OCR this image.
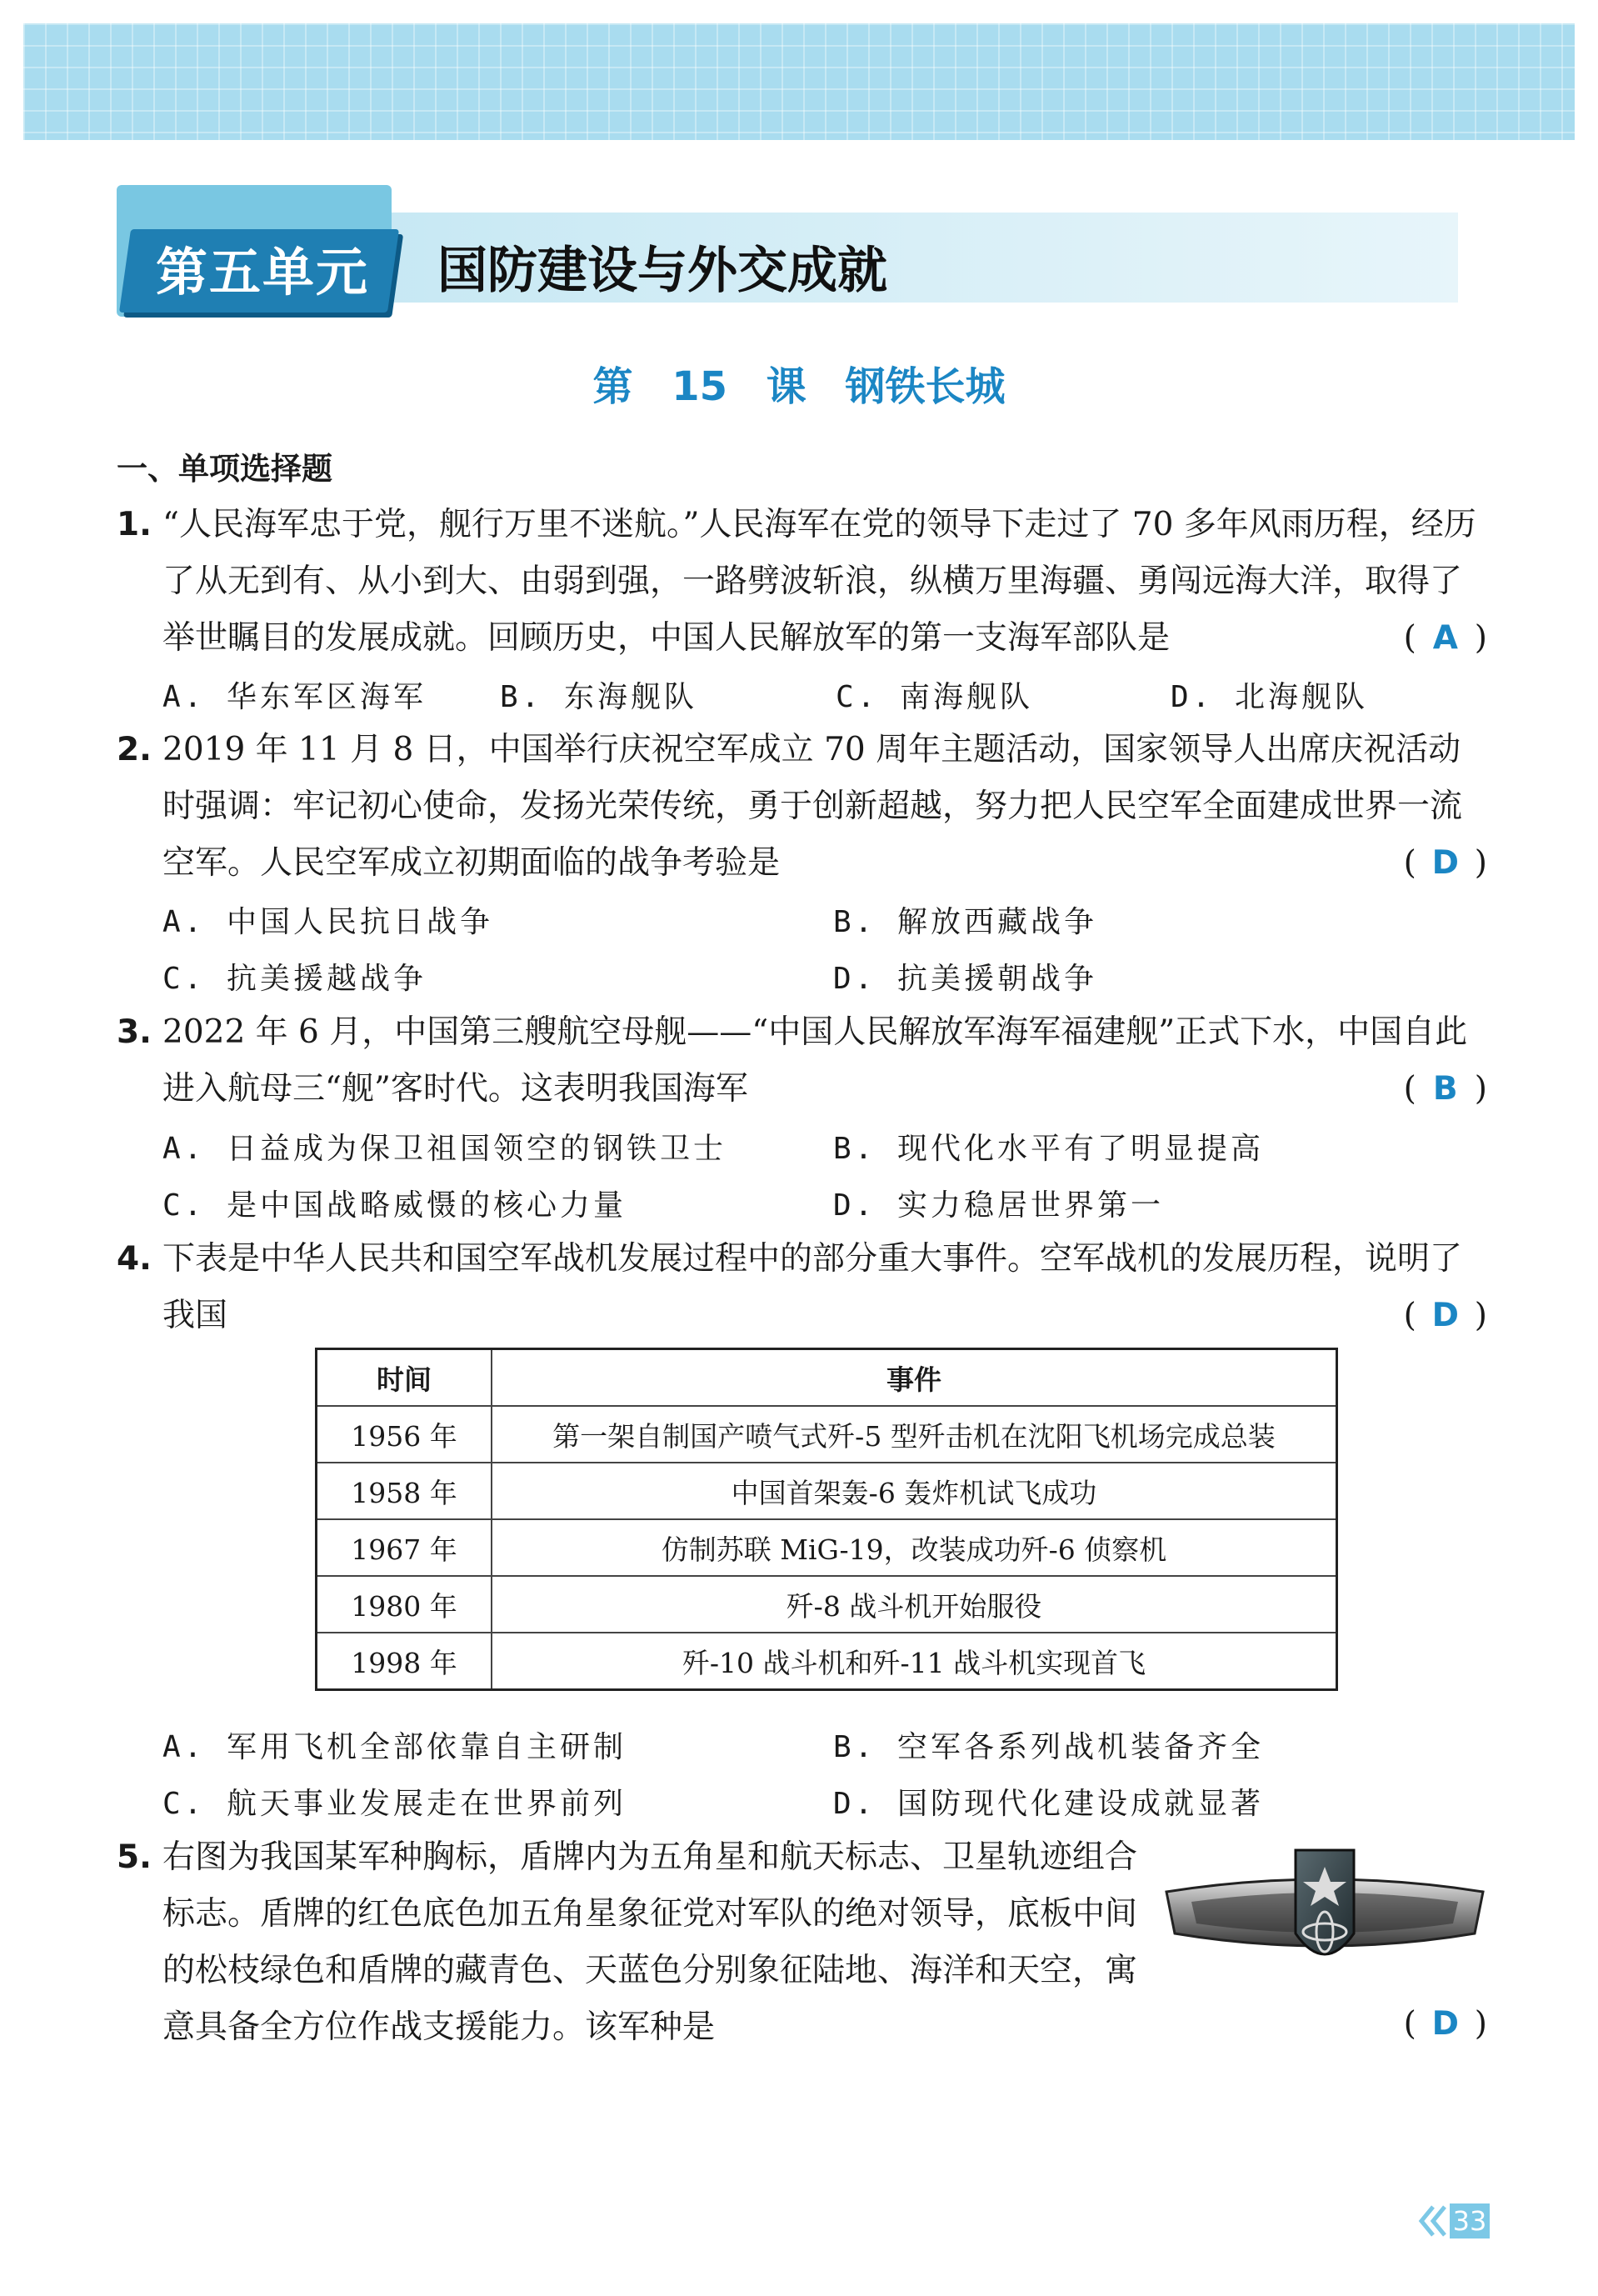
第五单元	国防建设与外交成就
第 15 课 钢铁长城
一、单项选择题
1. “人民海军忠于党，舰行万里不迷航。”人民海军在党的领导下走过了 70 多年风雨历程，经历了从无到有、从小到大、由弱到强，一路劈波斩浪，纵横万里海疆、勇闯远海大洋，取得了举世瞩目的发展成就。回顾历史，中国人民解放军的第一支海军部队是	( A )
A. 华东军区海军 B. 东海舰队	C. 南海舰队	D. 北海舰队
2. 2019 年 11 月 8 日，中国举行庆祝空军成立 70 周年主题活动，国家领导人出席庆祝活动时强调：牢记初心使命，发扬光荣传统，勇于创新超越，努力把人民空军全面建成世界一流空军。人民空军成立初期面临的战争考验是	( D )
A. 中国人民抗日战争	B. 解放西藏战争
C. 抗美援越战争	D. 抗美援朝战争
3. 2022 年 6 月，中国第三艘航空母舰——“中国人民解放军海军福建舰”正式下水，中国自此进入航母三“舰”客时代。这表明我国海军	( B )
A. 日益成为保卫祖国领空的钢铁卫士	B. 现代化水平有了明显提高
C. 是中国战略威慑的核心力量	D. 实力稳居世界第一
4. 下表是中华人民共和国空军战机发展过程中的部分重大事件。空军战机的发展历程，说明了我国	( D )
时间	事件
1956 年	第一架自制国产喷气式歼-5 型歼击机在沈阳飞机场完成总装
1958 年	中国首架轰-6 轰炸机试飞成功
1967 年	仿制苏联 MiG-19，改装成功歼-6 侦察机
1980 年	歼-8 战斗机开始服役
1998 年	歼-10 战斗机和歼-11 战斗机实现首飞
A. 军用飞机全部依靠自主研制	B. 空军各系列战机装备齐全
C. 航天事业发展走在世界前列	D. 国防现代化建设成就显著
5. 右图为我国某军种胸标，盾牌内为五角星和航天标志、卫星轨迹组合标志。盾牌的红色底色加五角星象征党对军队的绝对领导，底板中间的松枝绿色和盾牌的藏青色、天蓝色分别象征陆地、海洋和天空，寓意具备全方位作战支援能力。该军种是	( D )
33
